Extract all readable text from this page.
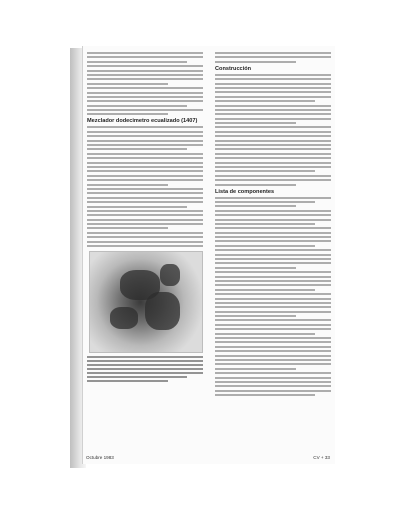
Mezclador dodecimetro ecualizado (1407)
Construcción
Lista de componentes
Octubre 1983	CV + 33
